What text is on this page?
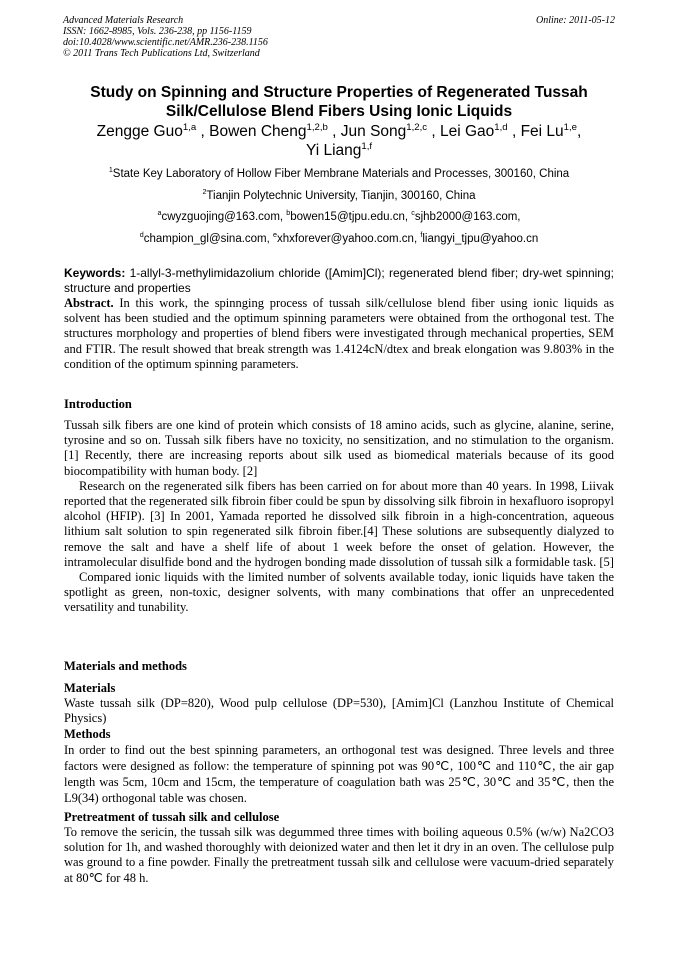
Advanced Materials Research
ISSN: 1662-8985, Vols. 236-238, pp 1156-1159
doi:10.4028/www.scientific.net/AMR.236-238.1156
© 2011 Trans Tech Publications Ltd, Switzerland
Online: 2011-05-12
Study on Spinning and Structure Properties of Regenerated Tussah
Silk/Cellulose Blend Fibers Using Ionic Liquids
Zengge Guo$^{1,a}$ , Bowen Cheng$^{1,2,b}$ , Jun Song$^{1,2,c}$ , Lei Gao$^{1,d}$ , Fei Lu$^{1,e}$,
Yi Liang$^{1,f}$
$^1$State Key Laboratory of Hollow Fiber Membrane Materials and Processes, 300160, China
$^2$Tianjin Polytechnic University, Tianjin, 300160, China
$^a$cwyzguojing@163.com, $^b$bowen15@tjpu.edu.cn, $^c$sjhb2000@163.com,
$^d$champion_gl@sina.com, $^e$xhxforever@yahoo.com.cn, $^f$liangyi_tjpu@yahoo.cn
Keywords: 1-allyl-3-methylimidazolium chloride ([Amim]Cl); regenerated blend fiber; dry-wet spinning; structure and properties
Abstract. In this work, the spinnging process of tussah silk/cellulose blend fiber using ionic liquids as solvent has been studied and the optimum spinning parameters were obtained from the orthogonal test. The structures morphology and properties of blend fibers were investigated through mechanical properties, SEM and FTIR. The result showed that break strength was 1.4124cN/dtex and break elongation was 9.803% in the condition of the optimum spinning parameters.
Introduction

Tussah silk fibers are one kind of protein which consists of 18 amino acids, such as glycine, alanine, serine, tyrosine and so on. Tussah silk fibers have no toxicity, no sensitization, and no stimulation to the organism. [1] Recently, there are increasing reports about silk used as biomedical materials because of its good biocompatibility with human body. [2]

Research on the regenerated silk fibers has been carried on for about more than 40 years. In 1998, Liivak reported that the regenerated silk fibroin fiber could be spun by dissolving silk fibroin in hexafluoro isopropyl alcohol (HFIP). [3] In 2001, Yamada reported he dissolved silk fibroin in a high-concentration, aqueous lithium salt solution to spin regenerated silk fibroin fiber.[4] These solutions are subsequently dialyzed to remove the salt and have a shelf life of about 1 week before the onset of gelation. However, the intramolecular disulfide bond and the hydrogen bonding made dissolution of tussah silk a formidable task. [5]

Compared ionic liquids with the limited number of solvents available today, ionic liquids have taken the spotlight as green, non-toxic, designer solvents, with many combinations that offer an unprecedented versatility and tunability.

Materials and methods
Materials
Waste tussah silk (DP=820), Wood pulp cellulose (DP=530), [Amim]Cl (Lanzhou Institute of Chemical Physics)
Methods
In order to find out the best spinning parameters, an orthogonal test was designed. Three levels and three factors were designed as follow: the temperature of spinning pot was 90℃, 100℃ and 110℃, the air gap length was 5cm, 10cm and 15cm, the temperature of coagulation bath was 25℃, 30℃ and 35℃, then the L9(34) orthogonal table was chosen.
Pretreatment of tussah silk and cellulose
To remove the sericin, the tussah silk was degummed three times with boiling aqueous 0.5% (w/w) Na2CO3 solution for 1h, and washed thoroughly with deionized water and then let it dry in an oven. The cellulose pulp was ground to a fine powder. Finally the pretreatment tussah silk and cellulose were vacuum-dried separately at 80℃ for 48 h.
